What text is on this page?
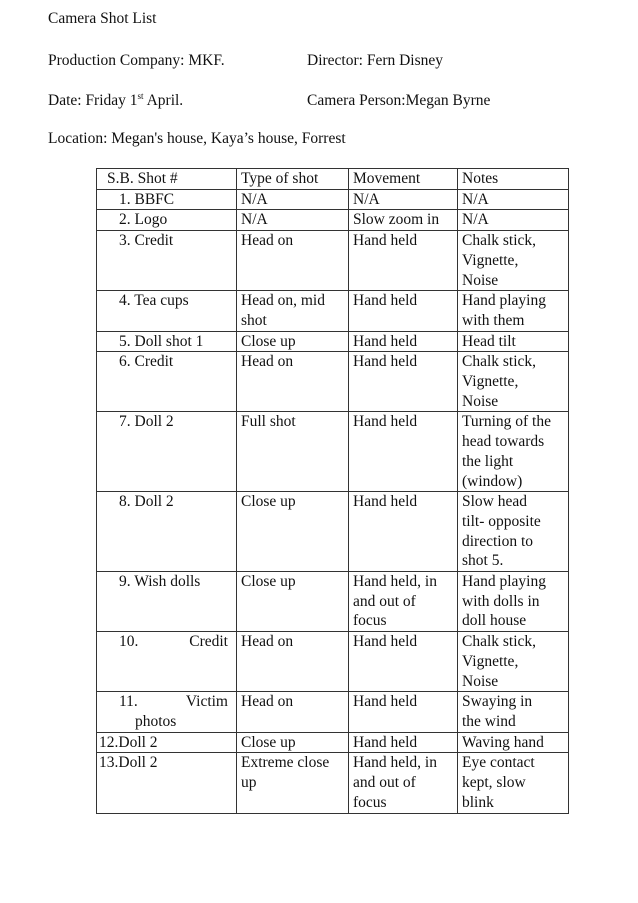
Camera Shot List
Production Company: MKF.	Director: Fern Disney
Date: Friday 1st April.	Camera Person:Megan Byrne
Location: Megan's house, Kaya’s house, Forrest
S.B. Shot #	Type of shot	Movement	Notes
1. BBFC	N/A	N/A	N/A
2. Logo	N/A	Slow zoom in	N/A
3. Credit	Head on	Hand held	Chalk stick,
Vignette,
Noise
4. Tea cups	Head on, mid
shot	Hand held	Hand playing
with them
5. Doll shot 1	Close up	Hand held	Head tilt
6. Credit	Head on	Hand held	Chalk stick,
Vignette,
Noise
7. Doll 2	Full shot	Hand held	Turning of the
head towards
the light
(window)
8. Doll 2	Close up	Hand held	Slow head
tilt- opposite
direction to
shot 5.
9. Wish dolls	Close up	Hand held, in
and out of
focus	Hand playing
with dolls in
doll house

10. Credit	Head on	Hand held	Chalk stick,
Vignette,
Noise

11. Victim
photos	Head on	Hand held	Swaying in
the wind
12.Doll 2	Close up	Hand held	Waving hand
13.Doll 2	Extreme close
up	Hand held, in
and out of
focus	Eye contact
kept, slow
blink
